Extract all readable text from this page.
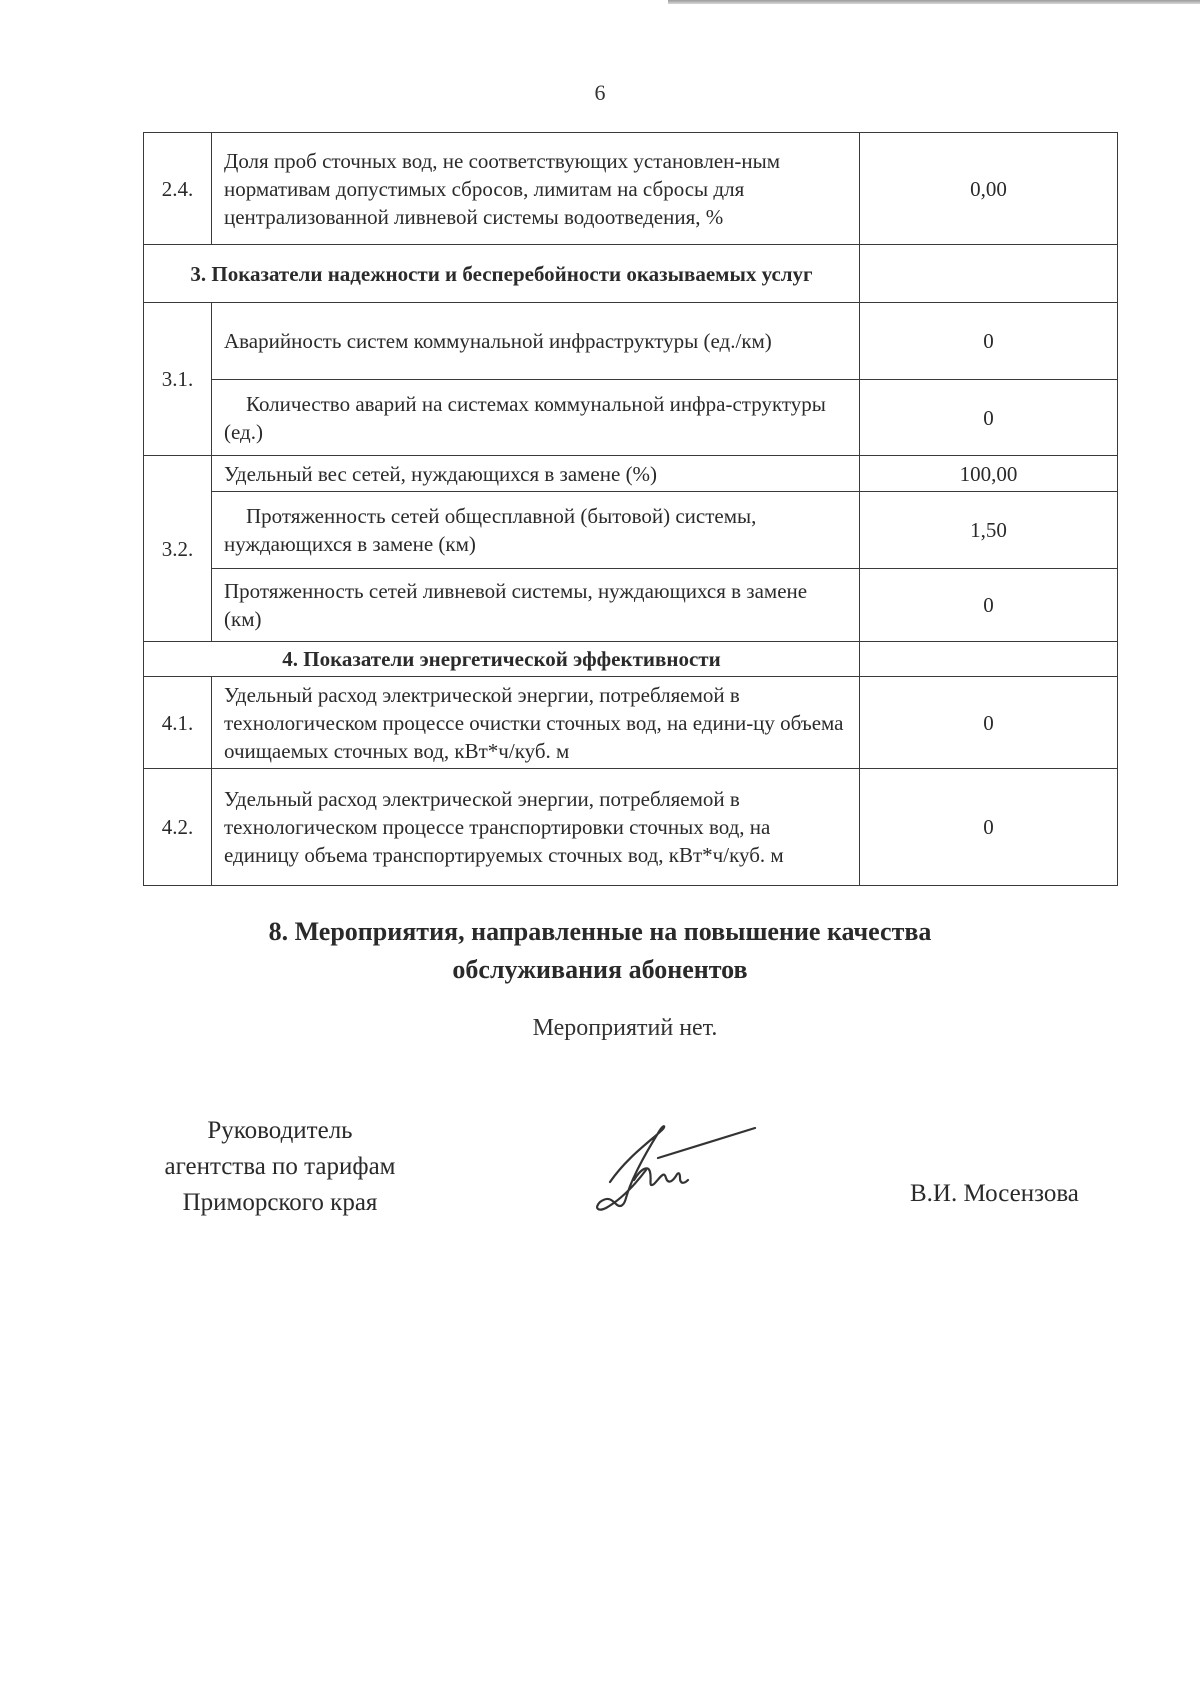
6
2.4.	Доля проб сточных вод, не соответствующих установлен-ным нормативам допустимых сбросов, лимитам на сбросы для централизованной ливневой системы водоотведения, %	0,00
3. Показатели надежности и бесперебойности оказываемых услуг		
3.1.	Аварийность систем коммунальной инфраструктуры (ед./км)	0
	Количество аварий на системах коммунальной инфра-структуры (ед.)	0
3.2.	Удельный вес сетей, нуждающихся в замене (%)	100,00
	Протяженность сетей общесплавной (бытовой) системы, нуждающихся в замене (км)	1,50
	Протяженность сетей ливневой системы, нуждающихся в замене (км)	0
4. Показатели энергетической эффективности		
4.1.	Удельный расход электрической энергии, потребляемой в технологическом процессе очистки сточных вод, на едини-цу объема очищаемых сточных вод, кВт*ч/куб. м	0
4.2.	Удельный расход электрической энергии, потребляемой в технологическом процессе транспортировки сточных вод, на единицу объема транспортируемых сточных вод, кВт*ч/куб. м	0
8. Мероприятия, направленные на повышение качества
обслуживания абонентов
Мероприятий нет.
Руководитель
агентства по тарифам
Приморского края	В.И. Мосензова
